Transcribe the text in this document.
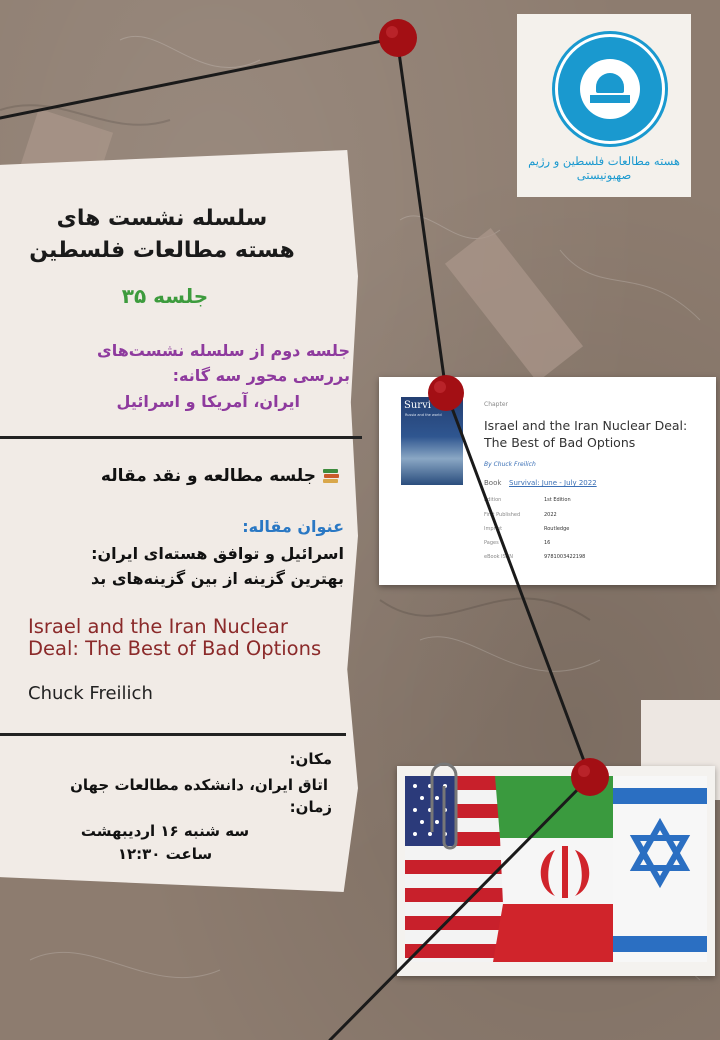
هسته مطالعات فلسطین و رژیم صهیونیستی
سلسله نشست های
هسته مطالعات فلسطین
جلسه ۳۵
جلسه دوم از سلسله نشست‌های
بررسی محور سه گانه:
ایران، آمریکا و اسرائیل
جلسه مطالعه و نقد مقاله
عنوان مقاله:
اسرائیل و توافق هسته‌ای ایران:
بهترین گزینه از بین گزینه‌های بد
Israel and the Iran Nuclear
Deal: The Best of Bad Options
Chuck Freilich
مکان:
اتاق ایران، دانشکده مطالعات جهان
زمان:
سه شنبه ۱۶ اردیبهشت
ساعت ۱۲:۳۰
Survi
Russia and the world
Chapter
Israel and the Iran Nuclear Deal: The Best of Bad Options
By Chuck Freilich
Book Survival: June - July 2022
Edition	1st Edition
First Published	2022
Imprint	Routledge
Pages	16
eBook ISBN	9781003422198
